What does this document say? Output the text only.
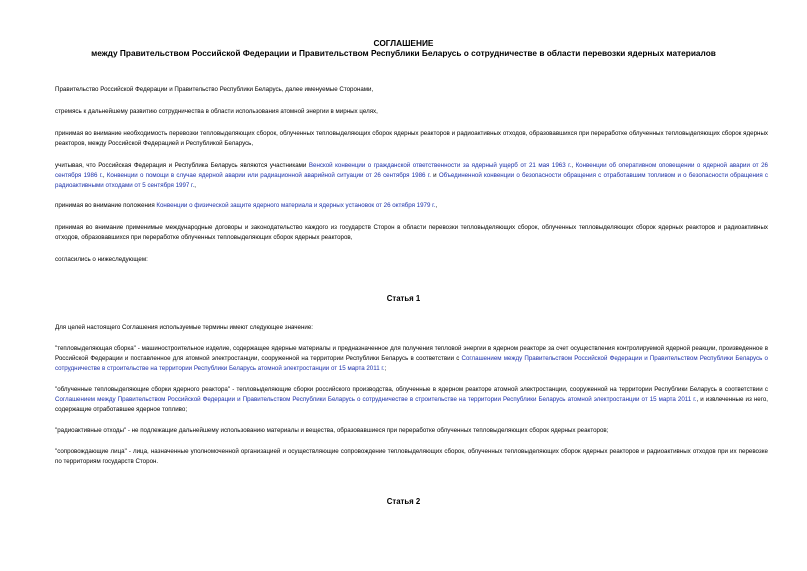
СОГЛАШЕНИЕ
между Правительством Российской Федерации и Правительством Республики Беларусь о сотрудничестве в области перевозки ядерных материалов
Правительство Российской Федерации и Правительство Республики Беларусь, далее именуемые Сторонами,
стремясь к дальнейшему развитию сотрудничества в области использования атомной энергии в мирных целях,
принимая во внимание необходимость перевозки тепловыделяющих сборок, облученных тепловыделяющих сборок ядерных реакторов и радиоактивных отходов, образовавшихся при переработке облученных тепловыделяющих сборок ядерных реакторов, между Российской Федерацией и Республикой Беларусь,
учитывая, что Российская Федерация и Республика Беларусь являются участниками Венской конвенции о гражданской ответственности за ядерный ущерб от 21 мая 1963 г., Конвенции об оперативном оповещении о ядерной аварии от 26 сентября 1986 г., Конвенции о помощи в случае ядерной аварии или радиационной аварийной ситуации от 26 сентября 1986 г. и Объединенной конвенции о безопасности обращения с отработавшим топливом и о безопасности обращения с радиоактивными отходами от 5 сентября 1997 г.,
принимая во внимание положения Конвенции о физической защите ядерного материала и ядерных установок от 26 октября 1979 г.,
принимая во внимание применимые международные договоры и законодательство каждого из государств Сторон в области перевозки тепловыделяющих сборок, облученных тепловыделяющих сборок ядерных реакторов и радиоактивных отходов, образовавшихся при переработке облученных тепловыделяющих сборок ядерных реакторов,
согласились о нижеследующем:
Статья 1
Для целей настоящего Соглашения используемые термины имеют следующее значение:
"тепловыделяющая сборка" - машиностроительное изделие, содержащее ядерные материалы и предназначенное для получения тепловой энергии в ядерном реакторе за счет осуществления контролируемой ядерной реакции, произведенное в Российской Федерации и поставленное для атомной электростанции, сооруженной на территории Республики Беларусь в соответствии с Соглашением между Правительством Российской Федерации и Правительством Республики Беларусь о сотрудничестве в строительстве на территории Республики Беларусь атомной электростанции от 15 марта 2011 г.;
"облученные тепловыделяющие сборки ядерного реактора" - тепловыделяющие сборки российского производства, облученные в ядерном реакторе атомной электростанции, сооруженной на территории Республики Беларусь в соответствии с Соглашением между Правительством Российской Федерации и Правительством Республики Беларусь о сотрудничестве в строительстве на территории Республики Беларусь атомной электростанции от 15 марта 2011 г., и извлеченные из него, содержащие отработавшее ядерное топливо;
"радиоактивные отходы" - не подлежащие дальнейшему использованию материалы и вещества, образовавшиеся при переработке облученных тепловыделяющих сборок ядерных реакторов;
"сопровождающие лица" - лица, назначенные уполномоченной организацией и осуществляющие сопровождение тепловыделяющих сборок, облученных тепловыделяющих сборок ядерных реакторов и радиоактивных отходов при их перевозке по территориям государств Сторон.
Статья 2
